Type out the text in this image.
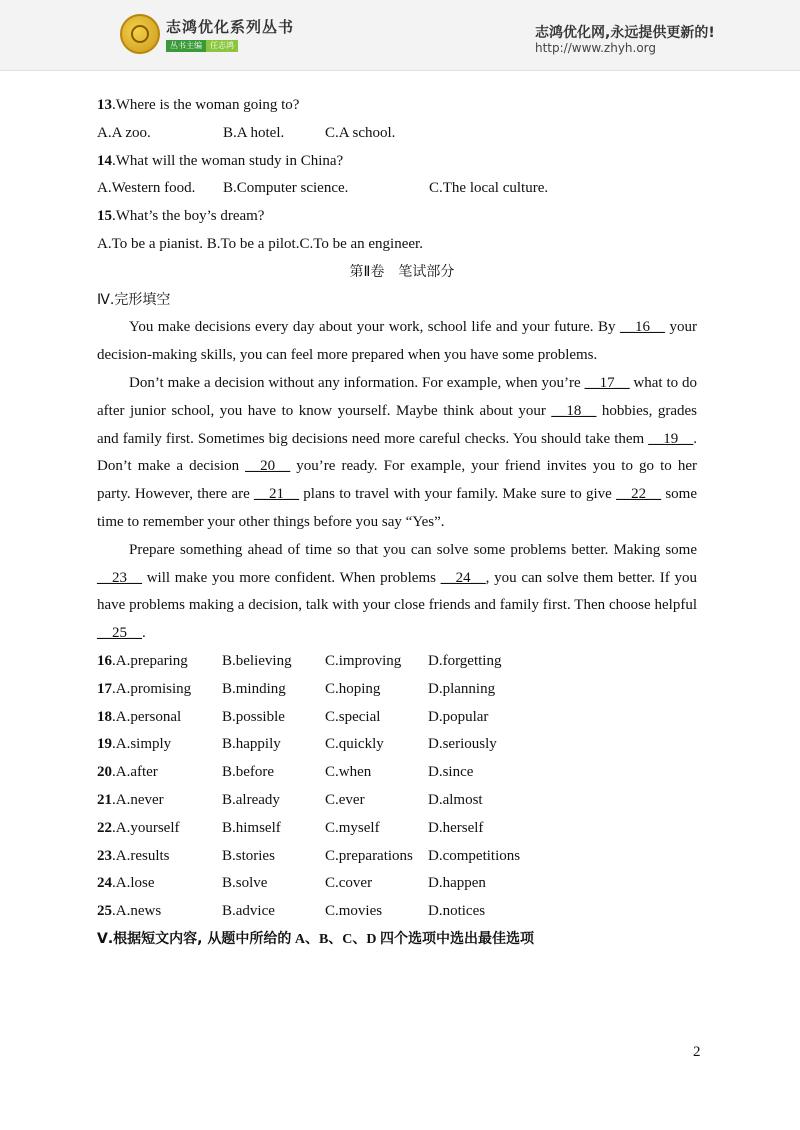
志鸿优化系列丛书
丛书主编	任志鸿
志鸿优化网,永远提供更新的!
http://www.zhyh.org
13.Where is the woman going to?
A.A zoo.	B.A hotel.	C.A school.
14.What will the woman study in China?
A.Western food.	B.Computer science.	C.The local culture.
15.What’s the boy’s dream?
A.To be a pianist. B.To be a pilot.C.To be an engineer.
第Ⅱ卷　笔试部分
Ⅳ.完形填空
You make decisions every day about your work, school life and your future. By __16__ your decision-making skills, you can feel more prepared when you have some problems.
Don’t make a decision without any information. For example, when you’re __17__ what to do after junior school, you have to know yourself. Maybe think about your __18__ hobbies, grades and family first. Sometimes big decisions need more careful checks. You should take them __19__. Don’t make a decision __20__ you’re ready. For example, your friend invites you to go to her party. However, there are __21__ plans to travel with your family. Make sure to give __22__ some time to remember your other things before you say “Yes”.
Prepare something ahead of time so that you can solve some problems better. Making some __23__ will make you more confident. When problems __24__, you can solve them better. If you have problems making a decision, talk with your close friends and family first. Then choose helpful __25__.
16.A.preparing	B.believing	C.improving	D.forgetting
17.A.promising	B.minding	C.hoping	D.planning
18.A.personal	B.possible	C.special	D.popular
19.A.simply	B.happily	C.quickly	D.seriously
20.A.after	B.before	C.when	D.since
21.A.never	B.already	C.ever	D.almost
22.A.yourself	B.himself	C.myself	D.herself
23.A.results	B.stories	C.preparations	D.competitions
24.A.lose	B.solve	C.cover	D.happen
25.A.news	B.advice	C.movies	D.notices
Ⅴ.根据短文内容, 从题中所给的 A、B、C、D 四个选项中选出最佳选项
2
